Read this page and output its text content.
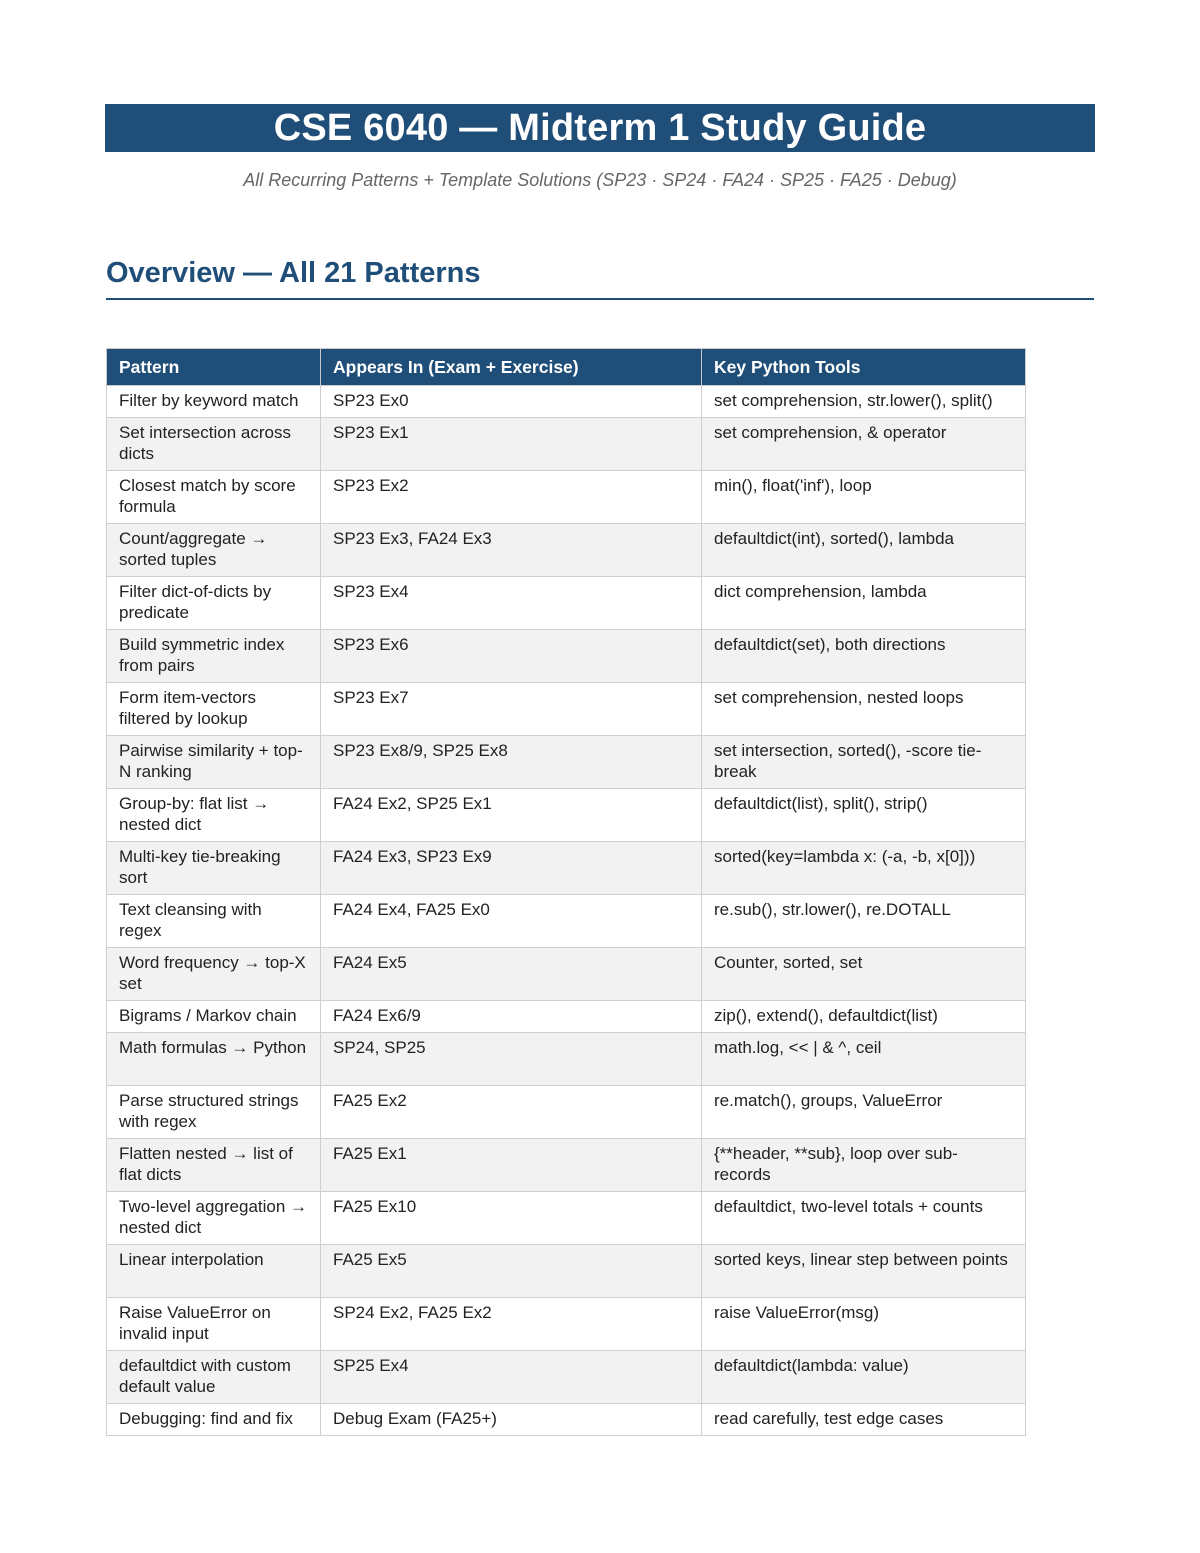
CSE 6040 — Midterm 1 Study Guide
All Recurring Patterns + Template Solutions (SP23 · SP24 · FA24 · SP25 · FA25 · Debug)
Overview — All 21 Patterns
Pattern	Appears In (Exam + Exercise)	Key Python Tools
Filter by keyword match	SP23 Ex0	set comprehension, str.lower(), split()
Set intersection across dicts	SP23 Ex1	set comprehension, & operator
Closest match by score formula	SP23 Ex2	min(), float('inf'), loop
Count/aggregate → sorted tuples	SP23 Ex3, FA24 Ex3	defaultdict(int), sorted(), lambda
Filter dict-of-dicts by predicate	SP23 Ex4	dict comprehension, lambda
Build symmetric index from pairs	SP23 Ex6	defaultdict(set), both directions
Form item-vectors filtered by lookup	SP23 Ex7	set comprehension, nested loops
Pairwise similarity + top-N ranking	SP23 Ex8/9, SP25 Ex8	set intersection, sorted(), -score tie-break
Group-by: flat list → nested dict	FA24 Ex2, SP25 Ex1	defaultdict(list), split(), strip()
Multi-key tie-breaking sort	FA24 Ex3, SP23 Ex9	sorted(key=lambda x: (-a, -b, x[0]))
Text cleansing with regex	FA24 Ex4, FA25 Ex0	re.sub(), str.lower(), re.DOTALL
Word frequency → top-X set	FA24 Ex5	Counter, sorted, set
Bigrams / Markov chain	FA24 Ex6/9	zip(), extend(), defaultdict(list)
Math formulas → Python	SP24, SP25	math.log, << | & ^, ceil
Parse structured strings with regex	FA25 Ex2	re.match(), groups, ValueError
Flatten nested → list of flat dicts	FA25 Ex1	{**header, **sub}, loop over sub-records
Two-level aggregation → nested dict	FA25 Ex10	defaultdict, two-level totals + counts
Linear interpolation	FA25 Ex5	sorted keys, linear step between points
Raise ValueError on invalid input	SP24 Ex2, FA25 Ex2	raise ValueError(msg)
defaultdict with custom default value	SP25 Ex4	defaultdict(lambda: value)
Debugging: find and fix	Debug Exam (FA25+)	read carefully, test edge cases
